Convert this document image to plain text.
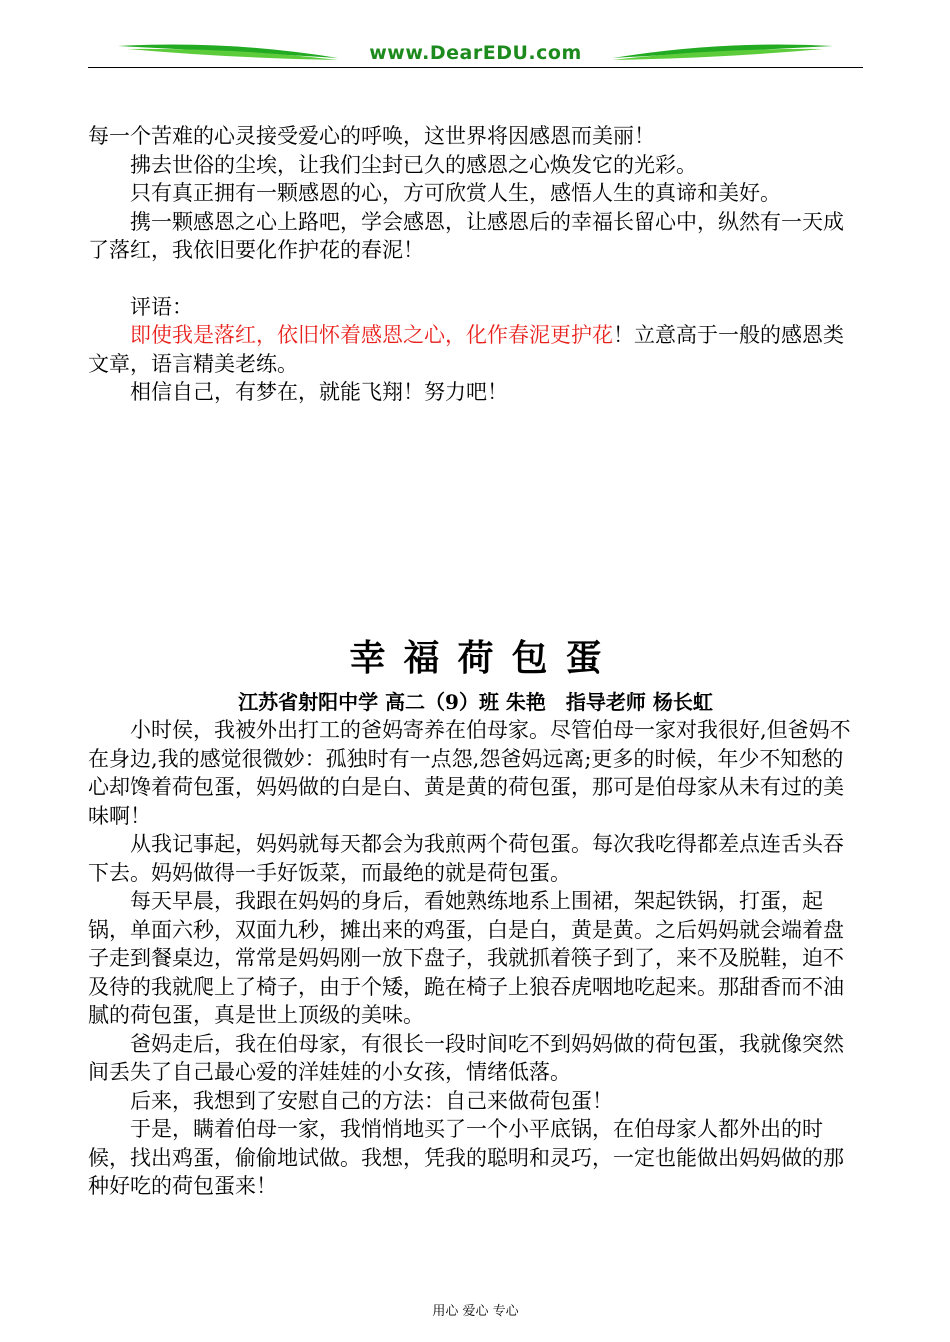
www.DearEDU.com

每一个苦难的心灵接受爱心的呼唤，这世界将因感恩而美丽！

拂去世俗的尘埃，让我们尘封已久的感恩之心焕发它的光彩。

只有真正拥有一颗感恩的心，方可欣赏人生，感悟人生的真谛和美好。

携一颗感恩之心上路吧，学会感恩，让感恩后的幸福长留心中，纵然有一天成了落红，我依旧要化作护花的春泥！

评语：

即使我是落红，依旧怀着感恩之心，化作春泥更护花！立意高于一般的感恩类文章，语言精美老练。

相信自己，有梦在，就能飞翔！努力吧！

幸福荷包蛋
江苏省射阳中学 高二（9）班 朱艳　指导老师 杨长虹

小时侯，我被外出打工的爸妈寄养在伯母家。尽管伯母一家对我很好,但爸妈不在身边,我的感觉很微妙：孤独时有一点怨,怨爸妈远离;更多的时候，年少不知愁的心却馋着荷包蛋，妈妈做的白是白、黄是黄的荷包蛋，那可是伯母家从未有过的美味啊！

从我记事起，妈妈就每天都会为我煎两个荷包蛋。每次我吃得都差点连舌头吞下去。妈妈做得一手好饭菜，而最绝的就是荷包蛋。

每天早晨，我跟在妈妈的身后，看她熟练地系上围裙，架起铁锅，打蛋，起锅，单面六秒，双面九秒，摊出来的鸡蛋，白是白，黄是黄。之后妈妈就会端着盘子走到餐桌边，常常是妈妈刚一放下盘子，我就抓着筷子到了，来不及脱鞋，迫不及待的我就爬上了椅子，由于个矮，跪在椅子上狼吞虎咽地吃起来。那甜香而不油腻的荷包蛋，真是世上顶级的美味。

爸妈走后，我在伯母家，有很长一段时间吃不到妈妈做的荷包蛋，我就像突然间丢失了自己最心爱的洋娃娃的小女孩，情绪低落。

后来，我想到了安慰自己的方法：自己来做荷包蛋！

于是，瞒着伯母一家，我悄悄地买了一个小平底锅，在伯母家人都外出的时候，找出鸡蛋，偷偷地试做。我想，凭我的聪明和灵巧，一定也能做出妈妈做的那种好吃的荷包蛋来！

用心 爱心 专心
